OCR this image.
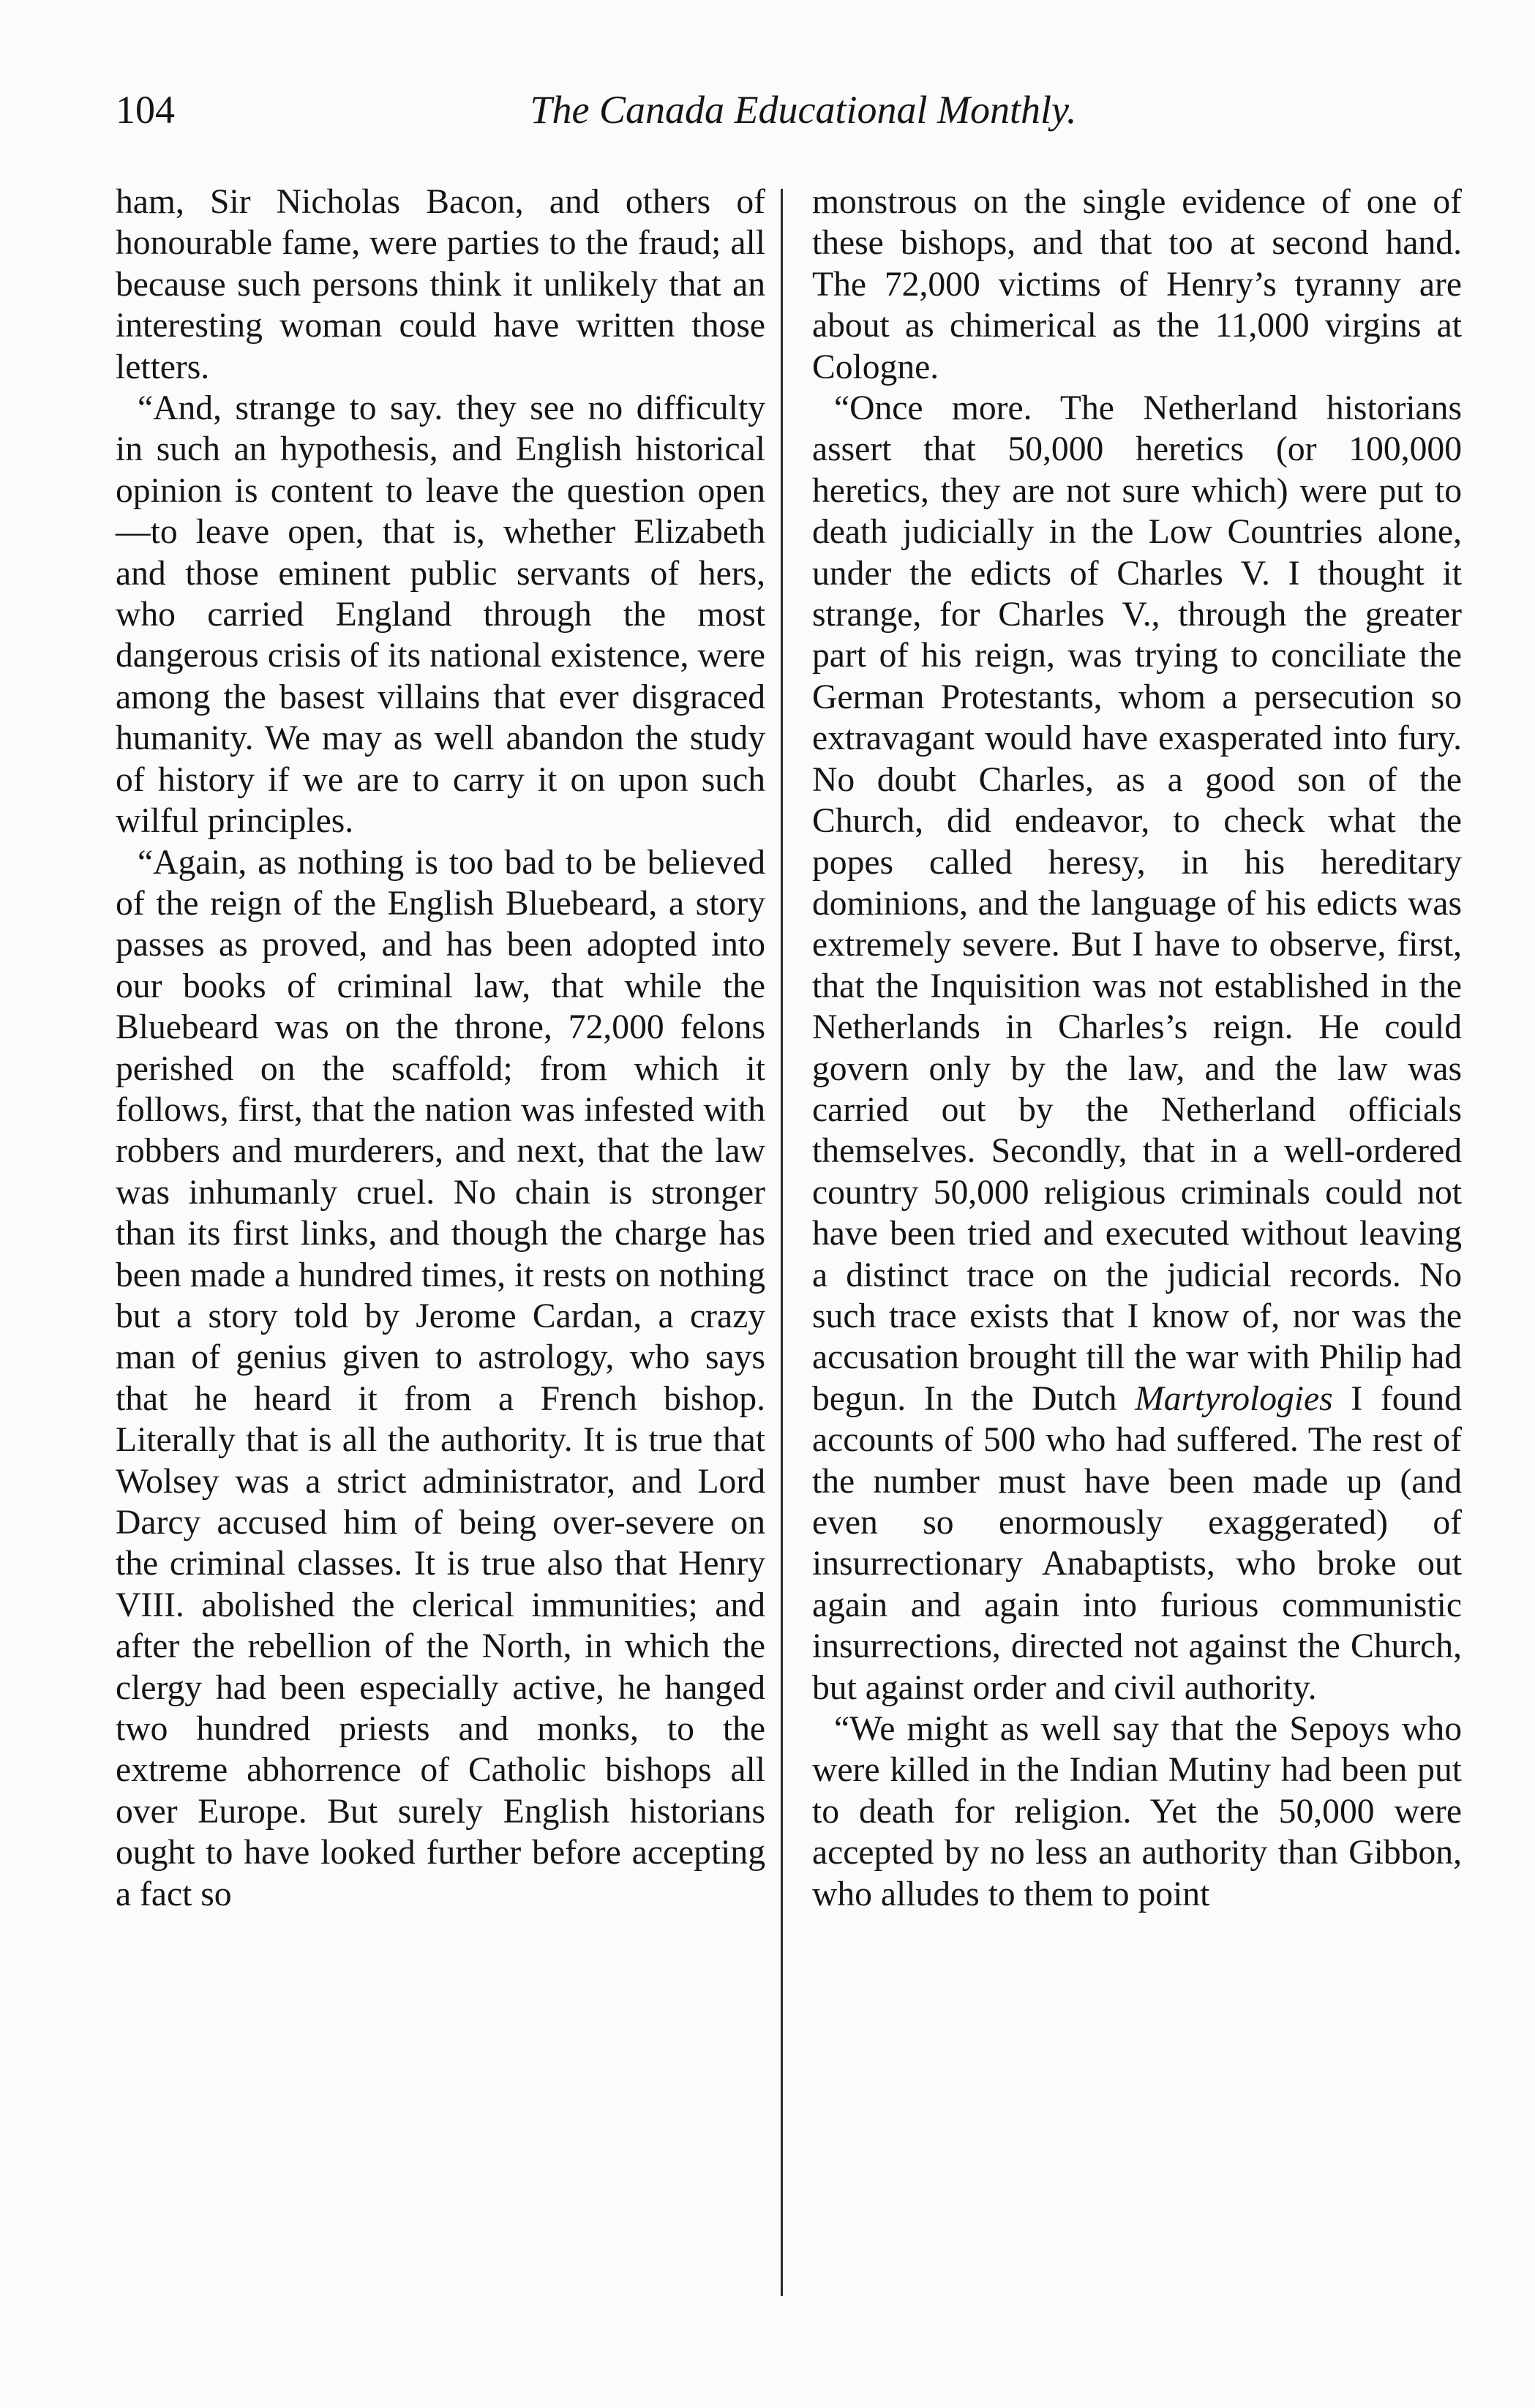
104	The Canada Educational Monthly.

ham, Sir Nicholas Bacon, and others of honourable fame, were parties to the fraud; all because such persons think it unlikely that an interesting woman could have written those letters.

“And, strange to say. they see no difficulty in such an hypothesis, and English historical opinion is content to leave the question open—to leave open, that is, whether Elizabeth and those eminent public servants of hers, who carried England through the most dangerous crisis of its national existence, were among the basest villains that ever disgraced humanity. We may as well abandon the study of history if we are to carry it on upon such wilful principles.

“Again, as nothing is too bad to be believed of the reign of the English Bluebeard, a story passes as proved, and has been adopted into our books of criminal law, that while the Bluebeard was on the throne, 72,000 felons perished on the scaffold; from which it follows, first, that the nation was infested with robbers and murderers, and next, that the law was inhumanly cruel. No chain is stronger than its first links, and though the charge has been made a hundred times, it rests on nothing but a story told by Jerome Cardan, a crazy man of genius given to astrology, who says that he heard it from a French bishop. Literally that is all the authority. It is true that Wolsey was a strict administrator, and Lord Darcy accused him of being over-severe on the criminal classes. It is true also that Henry VIII. abolished the clerical immunities; and after the rebellion of the North, in which the clergy had been especially active, he hanged two hundred priests and monks, to the extreme abhorrence of Catholic bishops all over Europe. But surely English historians ought to have looked further before accepting a fact so

monstrous on the single evidence of one of these bishops, and that too at second hand. The 72,000 victims of Henry’s tyranny are about as chimerical as the 11,000 virgins at Cologne.

“Once more. The Netherland historians assert that 50,000 heretics (or 100,000 heretics, they are not sure which) were put to death judicially in the Low Countries alone, under the edicts of Charles V. I thought it strange, for Charles V., through the greater part of his reign, was trying to conciliate the German Protestants, whom a persecution so extravagant would have exasperated into fury. No doubt Charles, as a good son of the Church, did endeavor, to check what the popes called heresy, in his hereditary dominions, and the language of his edicts was extremely severe. But I have to observe, first, that the Inquisition was not established in the Netherlands in Charles’s reign. He could govern only by the law, and the law was carried out by the Netherland officials themselves. Secondly, that in a well-ordered country 50,000 religious criminals could not have been tried and executed without leaving a distinct trace on the judicial records. No such trace exists that I know of, nor was the accusation brought till the war with Philip had begun. In the Dutch Martyrologies I found accounts of 500 who had suffered. The rest of the number must have been made up (and even so enormously exaggerated) of insurrectionary Anabaptists, who broke out again and again into furious communistic insurrections, directed not against the Church, but against order and civil authority.

“We might as well say that the Sepoys who were killed in the Indian Mutiny had been put to death for religion. Yet the 50,000 were accepted by no less an authority than Gibbon, who alludes to them to point
